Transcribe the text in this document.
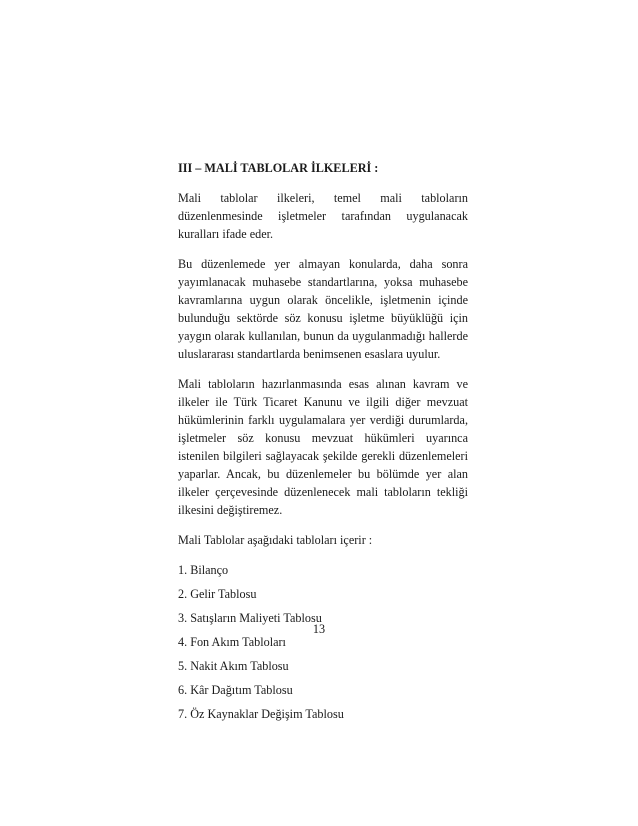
III – MALİ TABLOLAR İLKELERİ :

Mali tablolar ilkeleri, temel mali tabloların düzenlenmesinde işletmeler tarafından uygulanacak kuralları ifade eder.

Bu düzenlemede yer almayan konularda, daha sonra yayımlanacak muhasebe standartlarına, yoksa muhasebe kavramlarına uygun olarak öncelikle, işletmenin içinde bulunduğu sektörde söz konusu işletme büyüklüğü için yaygın olarak kullanılan, bunun da uygulanmadığı hallerde uluslararası standartlarda benimsenen esaslara uyulur.

Mali tabloların hazırlanmasında esas alınan kavram ve ilkeler ile Türk Ticaret Kanunu ve ilgili diğer mevzuat hükümlerinin farklı uygulamalara yer verdiği durumlarda, işletmeler söz konusu mevzuat hükümleri uyarınca istenilen bilgileri sağlayacak şekilde gerekli düzenlemeleri yaparlar. Ancak, bu düzenlemeler bu bölümde yer alan ilkeler çerçevesinde düzenlenecek mali tabloların tekliği ilkesini değiştiremez.

Mali Tablolar aşağıdaki tabloları içerir :

1. Bilanço
2. Gelir Tablosu
3. Satışların Maliyeti Tablosu
4. Fon Akım Tabloları
5. Nakit Akım Tablosu
6. Kâr Dağıtım Tablosu
7. Öz Kaynaklar Değişim Tablosu
13
